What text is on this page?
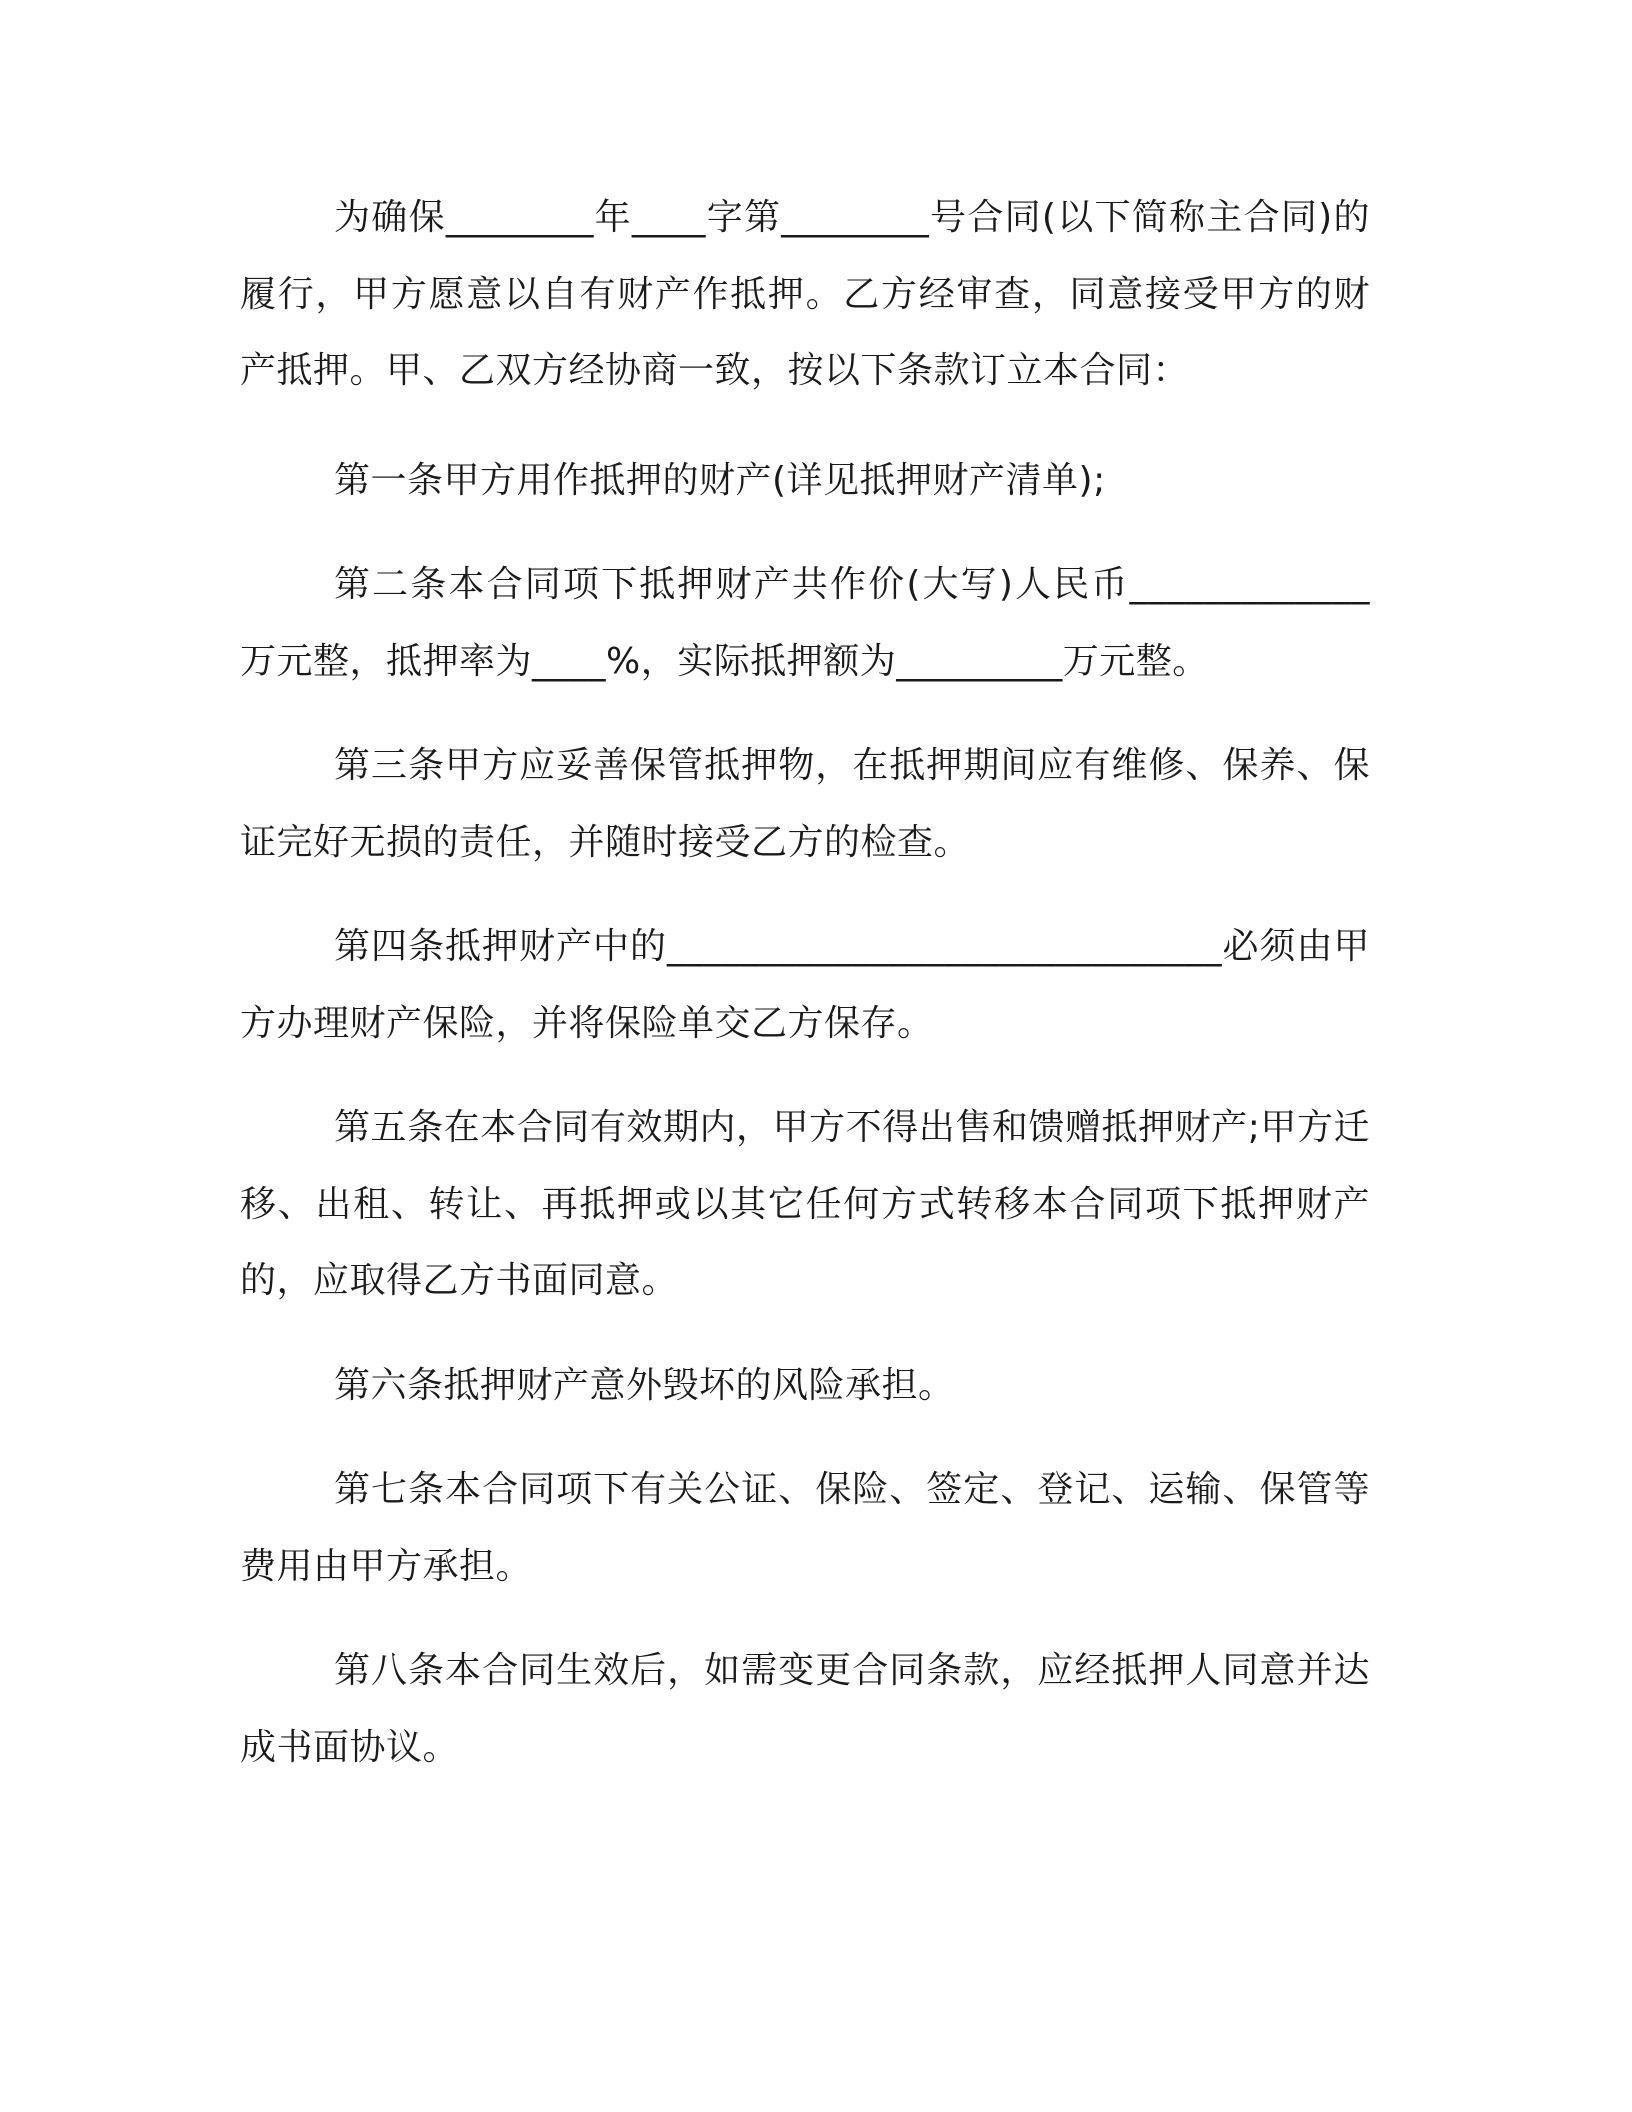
为确保________年____字第________号合同(以下简称主合同)的履行，甲方愿意以自有财产作抵押。乙方经审查，同意接受甲方的财产抵押。甲、乙双方经协商一致，按以下条款订立本合同：

第一条甲方用作抵押的财产(详见抵押财产清单);

第二条本合同项下抵押财产共作价(大写)人民币_____________万元整，抵押率为____%，实际抵押额为_________万元整。

第三条甲方应妥善保管抵押物，在抵押期间应有维修、保养、保证完好无损的责任，并随时接受乙方的检查。

第四条抵押财产中的______________________________必须由甲方办理财产保险，并将保险单交乙方保存。

第五条在本合同有效期内，甲方不得出售和馈赠抵押财产;甲方迁移、出租、转让、再抵押或以其它任何方式转移本合同项下抵押财产的，应取得乙方书面同意。

第六条抵押财产意外毁坏的风险承担。

第七条本合同项下有关公证、保险、签定、登记、运输、保管等费用由甲方承担。

第八条本合同生效后，如需变更合同条款，应经抵押人同意并达成书面协议。
